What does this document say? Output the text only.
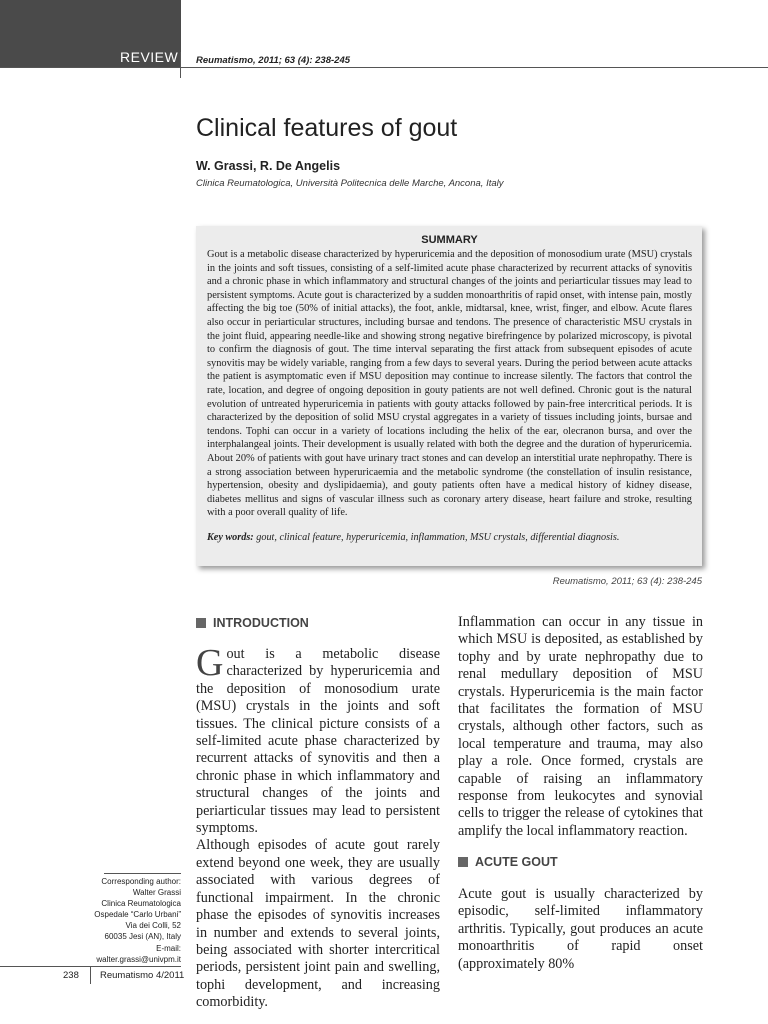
REVIEW Reumatismo, 2011; 63 (4): 238-245
Clinical features of gout
W. Grassi, R. De Angelis
Clinica Reumatologica, Università Politecnica delle Marche, Ancona, Italy
SUMMARY

Gout is a metabolic disease characterized by hyperuricemia and the deposition of monosodium urate (MSU) crystals in the joints and soft tissues, consisting of a self-limited acute phase characterized by recurrent attacks of synovitis and a chronic phase in which inflammatory and structural changes of the joints and periarticular tissues may lead to persistent symptoms. Acute gout is characterized by a sudden monoarthritis of rapid onset, with intense pain, mostly affecting the big toe (50% of initial attacks), the foot, ankle, midtarsal, knee, wrist, finger, and elbow. Acute flares also occur in periarticular structures, including bursae and tendons. The presence of characteristic MSU crystals in the joint fluid, appearing needle-like and showing strong negative birefringence by polarized microscopy, is pivotal to confirm the diagnosis of gout. The time interval separating the first attack from subsequent episodes of acute synovitis may be widely variable, ranging from a few days to several years. During the period between acute attacks the patient is asymptomatic even if MSU deposition may continue to increase silently. The factors that control the rate, location, and degree of ongoing deposition in gouty patients are not well defined. Chronic gout is the natural evolution of untreated hyperuricemia in patients with gouty attacks followed by pain-free intercritical periods. It is characterized by the deposition of solid MSU crystal aggregates in a variety of tissues including joints, bursae and tendons. Tophi can occur in a variety of locations including the helix of the ear, olecranon bursa, and over the interphalangeal joints. Their development is usually related with both the degree and the duration of hyperuricemia. About 20% of patients with gout have urinary tract stones and can develop an interstitial urate nephropathy. There is a strong association between hyperuricaemia and the metabolic syndrome (the constellation of insulin resistance, hypertension, obesity and dyslipidaemia), and gouty patients often have a medical history of kidney disease, diabetes mellitus and signs of vascular illness such as coronary artery disease, heart failure and stroke, resulting with a poor overall quality of life.

Key words: gout, clinical feature, hyperuricemia, inflammation, MSU crystals, differential diagnosis.
Reumatismo, 2011; 63 (4): 238-245
INTRODUCTION

Gout is a metabolic disease characterized by hyperuricemia and the deposition of monosodium urate (MSU) crystals in the joints and soft tissues. The clinical picture consists of a self-limited acute phase characterized by recurrent attacks of synovitis and then a chronic phase in which inflammatory and structural changes of the joints and periarticular tissues may lead to persistent symptoms.

Although episodes of acute gout rarely extend beyond one week, they are usually associated with various degrees of functional impairment. In the chronic phase the episodes of synovitis increases in number and extends to several joints, being associated with shorter intercritical periods, persistent joint pain and swelling, tophi development, and increasing comorbidity.

Inflammation can occur in any tissue in which MSU is deposited, as established by tophy and by urate nephropathy due to renal medullary deposition of MSU crystals. Hyperuricemia is the main factor that facilitates the formation of MSU crystals, although other factors, such as local temperature and trauma, may also play a role. Once formed, crystals are capable of raising an inflammatory response from leukocytes and synovial cells to trigger the release of cytokines that amplify the local inflammatory reaction.

ACUTE GOUT

Acute gout is usually characterized by episodic, self-limited inflammatory arthritis. Typically, gout produces an acute monoarthritis of rapid onset (approximately 80%

Corresponding author:
Walter Grassi
Clinica Reumatologica
Ospedale “Carlo Urbani”
Via dei Colli, 52
60035 Jesi (AN), Italy
E-mail: walter.grassi@univpm.it
238 Reumatismo 4/2011
